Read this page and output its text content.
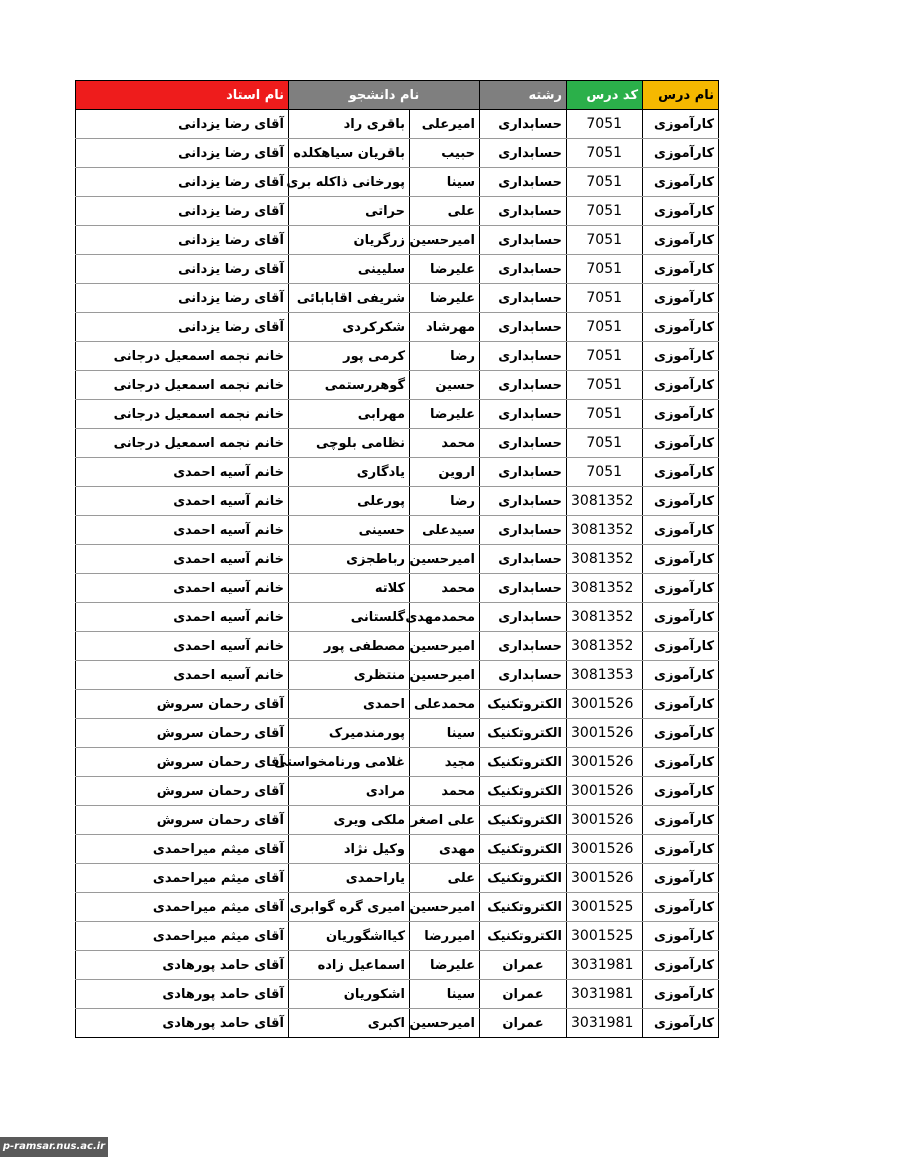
نام درس	کد درس	رشته	نام دانشجو		نام استاد
کارآموزی	7051	حسابداری	امیرعلی	باقری راد	آقای رضا یزدانی
کارآموزی	7051	حسابداری	حبیب	باقریان سیاهکلده	آقای رضا یزدانی
کارآموزی	7051	حسابداری	سینا	پورخانی ذاکله بری	آقای رضا یزدانی
کارآموزی	7051	حسابداری	علی	حراتی	آقای رضا یزدانی
کارآموزی	7051	حسابداری	امیرحسین	زرگریان	آقای رضا یزدانی
کارآموزی	7051	حسابداری	علیرضا	سلیینی	آقای رضا یزدانی
کارآموزی	7051	حسابداری	علیرضا	شریفی اقابابائی	آقای رضا یزدانی
کارآموزی	7051	حسابداری	مهرشاد	شکرکردی	آقای رضا یزدانی
کارآموزی	7051	حسابداری	رضا	کرمی پور	خانم نجمه اسمعیل درجانی
کارآموزی	7051	حسابداری	حسین	گوهررستمی	خانم نجمه اسمعیل درجانی
کارآموزی	7051	حسابداری	علیرضا	مهرابی	خانم نجمه اسمعیل درجانی
کارآموزی	7051	حسابداری	محمد	نظامی بلوچی	خانم نجمه اسمعیل درجانی
کارآموزی	7051	حسابداری	اروین	یادگاری	خانم آسیه احمدی
کارآموزی	3081352	حسابداری	رضا	پورعلی	خانم آسیه احمدی
کارآموزی	3081352	حسابداری	سیدعلی	حسینی	خانم آسیه احمدی
کارآموزی	3081352	حسابداری	امیرحسین	رباطجزی	خانم آسیه احمدی
کارآموزی	3081352	حسابداری	محمد	کلاته	خانم آسیه احمدی
کارآموزی	3081352	حسابداری	محمدمهدی	گلستانی	خانم آسیه احمدی
کارآموزی	3081352	حسابداری	امیرحسین	مصطفی پور	خانم آسیه احمدی
کارآموزی	3081353	حسابداری	امیرحسین	منتظری	خانم آسیه احمدی
کارآموزی	3001526	الکتروتکنیک	محمدعلی	احمدی	آقای رحمان سروش
کارآموزی	3001526	الکتروتکنیک	سینا	پورمندمیرک	آقای رحمان سروش
کارآموزی	3001526	الکتروتکنیک	مجید	غلامی ورنامخواستی	آقای رحمان سروش
کارآموزی	3001526	الکتروتکنیک	محمد	مرادی	آقای رحمان سروش
کارآموزی	3001526	الکتروتکنیک	علی اصغر	ملکی ویری	آقای رحمان سروش
کارآموزی	3001526	الکتروتکنیک	مهدی	وکیل نژاد	آقای میثم میراحمدی
کارآموزی	3001526	الکتروتکنیک	علی	یاراحمدی	آقای میثم میراحمدی
کارآموزی	3001525	الکتروتکنیک	امیرحسین	امیری گره گوابری	آقای میثم میراحمدی
کارآموزی	3001525	الکتروتکنیک	امیررضا	کیااشگوریان	آقای میثم میراحمدی
کارآموزی	3031981	عمران	علیرضا	اسماعیل زاده	آقای حامد پورهادی
کارآموزی	3031981	عمران	سینا	اشکوریان	آقای حامد پورهادی
کارآموزی	3031981	عمران	امیرحسین	اکبری	آقای حامد پورهادی
p-ramsar.nus.ac.ir
